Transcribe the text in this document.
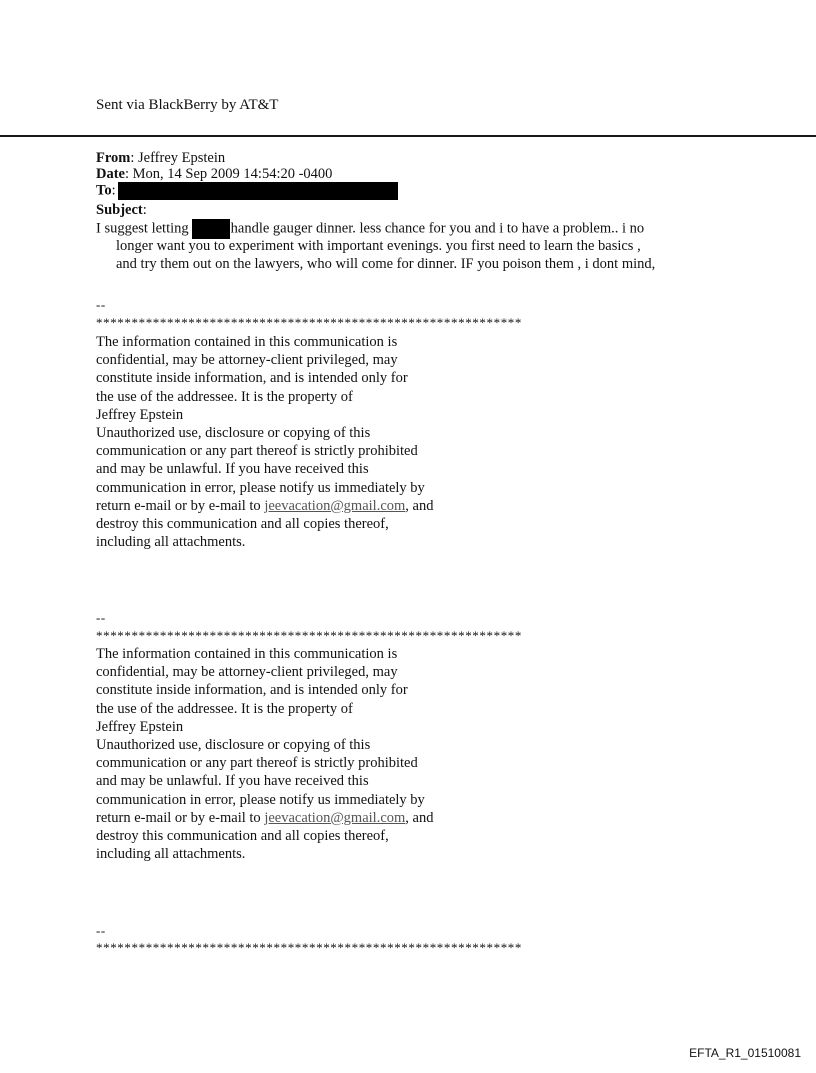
Sent via BlackBerry by AT&T
From: Jeffrey Epstein
Date: Mon, 14 Sep 2009 14:54:20 -0400
To:
Subject:
I suggest letting	handle gauger dinner. less chance for you and i to have a problem.. i no
longer want you to experiment with important evenings. you first need to learn the basics ,
and try them out on the lawyers, who will come for dinner. IF you poison them , i dont mind,
--
************************************************************
The information contained in this communication is
confidential, may be attorney-client privileged, may
constitute inside information, and is intended only for
the use of the addressee. It is the property of
Jeffrey Epstein
Unauthorized use, disclosure or copying of this
communication or any part thereof is strictly prohibited
and may be unlawful. If you have received this
communication in error, please notify us immediately by
return e-mail or by e-mail to jeevacation@gmail.com, and
destroy this communication and all copies thereof,
including all attachments.
--
************************************************************
The information contained in this communication is
confidential, may be attorney-client privileged, may
constitute inside information, and is intended only for
the use of the addressee. It is the property of
Jeffrey Epstein
Unauthorized use, disclosure or copying of this
communication or any part thereof is strictly prohibited
and may be unlawful. If you have received this
communication in error, please notify us immediately by
return e-mail or by e-mail to jeevacation@gmail.com, and
destroy this communication and all copies thereof,
including all attachments.
--
************************************************************
EFTA_R1_01510081
